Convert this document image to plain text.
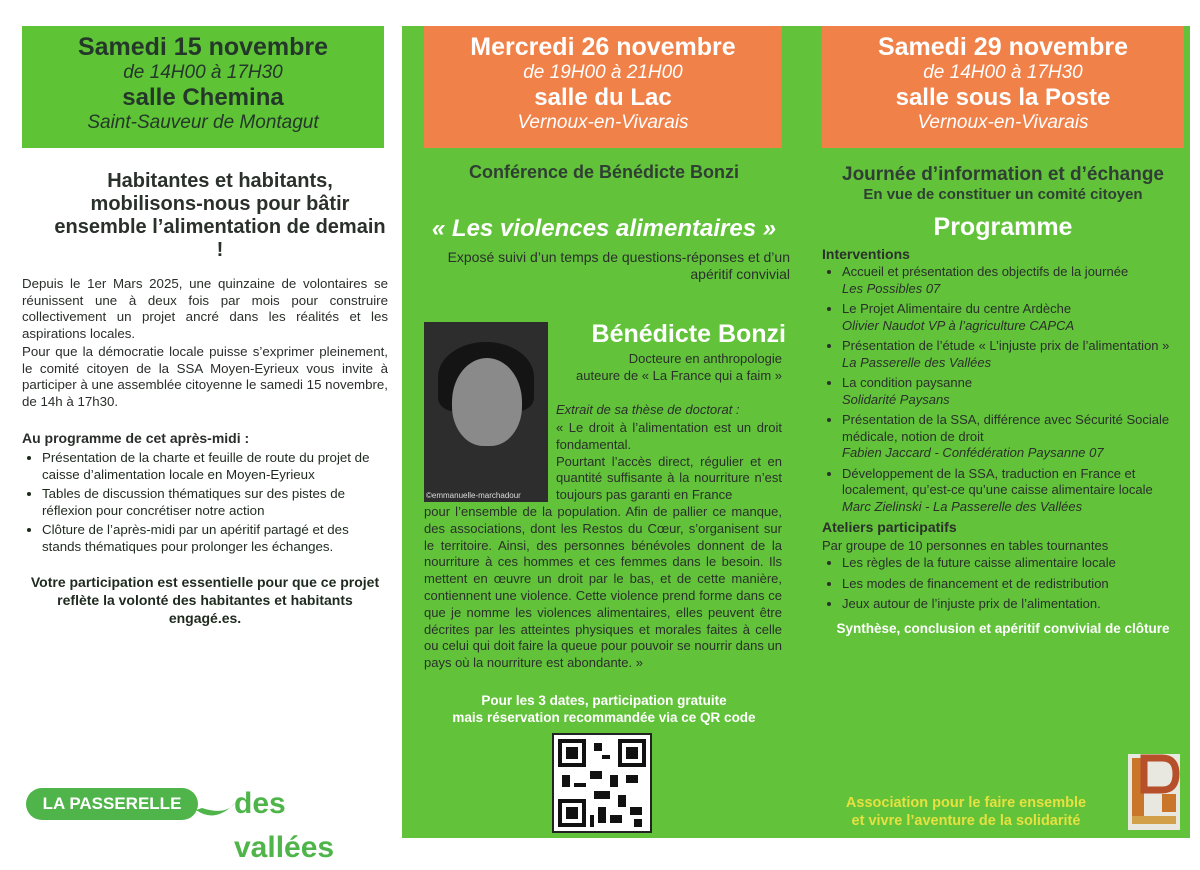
Samedi 15 novembre
de 14H00 à 17H30
salle Chemina
Saint-Sauveur de Montagut
Habitantes et habitants, mobilisons-nous pour bâtir ensemble l’alimentation de demain !

Depuis le 1er Mars 2025, une quinzaine de volontaires se réunissent une à deux fois par mois pour construire collectivement un projet ancré dans les réalités et les aspirations locales.

Pour que la démocratie locale puisse s’exprimer pleinement, le comité citoyen de la SSA Moyen-Eyrieux vous invite à participer à une assemblée citoyenne le samedi 15 novembre, de 14h à 17h30.

Au programme de cet après-midi :
• Présentation de la charte et feuille de route du projet de caisse d’alimentation locale en Moyen-Eyrieux
• Tables de discussion thématiques sur des pistes de réflexion pour concrétiser notre action
• Clôture de l’après-midi par un apéritif partagé et des stands thématiques pour prolonger les échanges.
Votre participation est essentielle pour que ce projet reflète la volonté des habitantes et habitants engagé.es.
LA PASSERELLE	des vallées
Mercredi 26 novembre
de 19H00 à 21H00
salle du Lac
Vernoux-en-Vivarais
Samedi 29 novembre
de 14H00 à 17H30
salle sous la Poste
Vernoux-en-Vivarais
Conférence de Bénédicte Bonzi
« Les violences alimentaires »
Exposé suivi d’un temps de questions-réponses et d’un apéritif convivial
©emmanuelle-marchadour
Bénédicte Bonzi
Docteure en anthropologie
auteure de « La France qui a faim »
Extrait de sa thèse de doctorat :
« Le droit à l’alimentation est un droit fondamental.
Pourtant l’accès direct, régulier et en quantité suffisante à la nourriture n’est toujours pas garanti en France
pour l’ensemble de la population. Afin de pallier ce manque, des associations, dont les Restos du Cœur, s’organisent sur le territoire. Ainsi, des personnes bénévoles donnent de la nourriture à ces hommes et ces femmes dans le besoin. Ils mettent en œuvre un droit par le bas, et de cette manière, contiennent une violence. Cette violence prend forme dans ce que je nomme les violences alimentaires, elles peuvent être décrites par les atteintes physiques et morales faites à celle ou celui qui doit faire la queue pour pouvoir se nourrir dans un pays où la nourriture est abondante. »
Pour les 3 dates, participation gratuite
mais réservation recommandée via ce QR code
Journée d’information et d’échange
En vue de constituer un comité citoyen
Programme
Interventions
• Accueil et présentation des objectifs de la journée
Les Possibles 07
• Le Projet Alimentaire du centre Ardèche
Olivier Naudot VP à l’agriculture CAPCA
• Présentation de l’étude « L’injuste prix de l’alimentation »
La Passerelle des Vallées
• La condition paysanne
Solidarité Paysans
• Présentation de la SSA, différence avec Sécurité Sociale médicale, notion de droit
Fabien Jaccard - Confédération Paysanne 07
• Développement de la SSA, traduction en France et localement, qu’est-ce qu’une caisse alimentaire locale
Marc Zielinski - La Passerelle des Vallées
Ateliers participatifs
Par groupe de 10 personnes en tables tournantes
• Les règles de la future caisse alimentaire locale
• Les modes de financement et de redistribution
• Jeux autour de l’injuste prix de l’alimentation.
Synthèse, conclusion et apéritif convivial de clôture
Association pour le faire ensemble
et vivre l’aventure de la solidarité
